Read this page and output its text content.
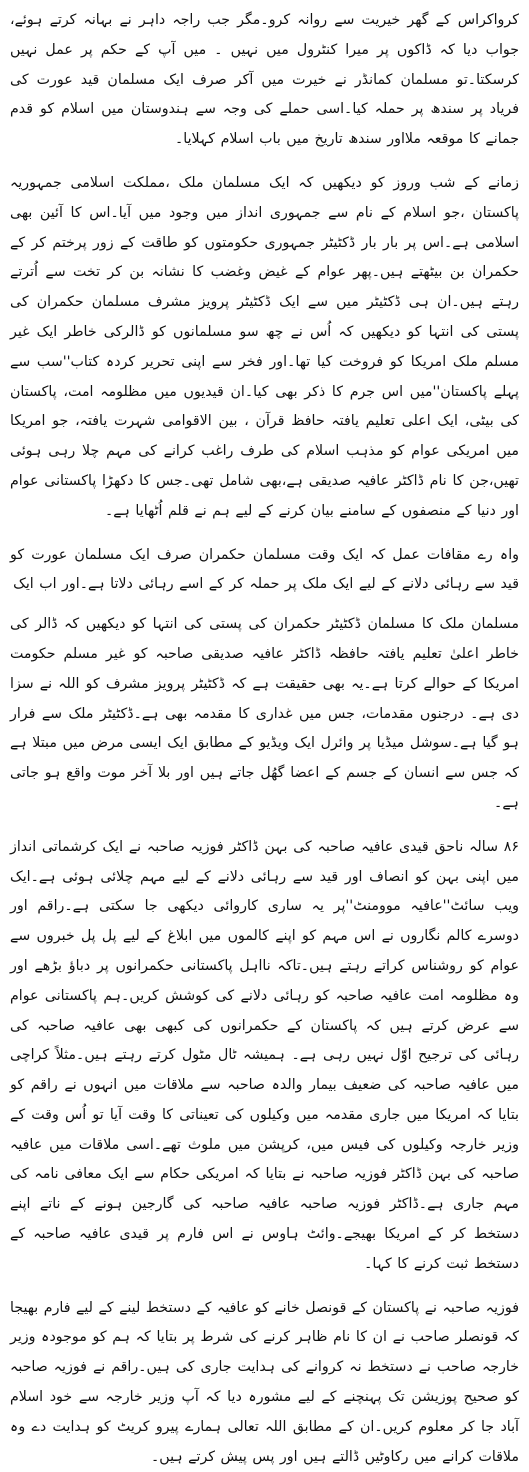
کرواکراس کے گھر خیریت سے روانہ کرو۔مگر جب راجہ داہر نے بہانہ کرتے ہوئے، جواب دیا کہ ڈاکوں پر میرا کنٹرول میں نہیں ۔ میں آپ کے حکم پر عمل نہیں کرسکتا۔تو مسلمان کمانڈر نے خیرت میں آکر صرف ایک مسلمان قید عورت کی فریاد پر سندھ پر حملہ کیا۔اسی حملے کی وجہ سے ہندوستان میں اسلام کو قدم جمانے کا موقعہ ملااور سندھ تاریخ میں باب اسلام کہلایا۔

زمانے کے شب وروز کو دیکھیں کہ ایک مسلمان ملک ،مملکت اسلامی جمہوریہ پاکستان ،جو اسلام کے نام سے جمہوری انداز میں وجود میں آیا۔اس کا آئین بھی اسلامی ہے۔اس پر بار بار ڈکٹیٹر جمہوری حکومتوں کو طاقت کے زور پرختم کر کے حکمران بن بیٹھتے ہیں۔پھر عوام کے غیض وغضب کا نشانہ بن کر تخت سے اُترتے رہتے ہیں۔ان ہی ڈکٹیٹر میں سے ایک ڈکٹیٹر پرویز مشرف مسلمان حکمران کی پستی کی انتہا کو دیکھیں کہ اُس نے چھ سو مسلمانوں کو ڈالرکی خاطر ایک غیر مسلم ملک امریکا کو فروخت کیا تھا۔اور فخر سے اپنی تحریر کردہ کتاب''سب سے پہلے پاکستان''میں اس جرم کا ذکر بھی کیا۔ان قیدیوں میں مظلومہ امت، پاکستان کی بیٹی، ایک اعلی تعلیم یافتہ حافظ قرآن ، بین الاقوامی شہرت یافتہ، جو امریکا میں امریکی عوام کو مذہب اسلام کی طرف راغب کرانے کی مہم چلا رہی ہوئی تھیں،جن کا نام ڈاکٹر عافیہ صدیقی ہے،بھی شامل تھی۔جس کا دکھڑا پاکستانی عوام اور دنیا کے منصفوں کے سامنے بیان کرنے کے لیے ہم نے قلم اُٹھایا ہے۔

واہ رے مقافات عمل کہ ایک وقت مسلمان حکمران صرف ایک مسلمان عورت کو قید سے رہائی دلانے کے لیے ایک ملک پر حملہ کر کے اسے رہائی دلاتا ہے۔اور اب ایک

مسلمان ملک کا مسلمان ڈکٹیٹر حکمران کی پستی کی انتہا کو دیکھیں کہ ڈالر کی خاطر اعلیٰ تعلیم یافتہ حافظہ ڈاکٹر عافیہ صدیقی صاحبہ کو غیر مسلم حکومت امریکا کے حوالے کرتا ہے۔یہ بھی حقیقت ہے کہ ڈکٹیٹر پرویز مشرف کو اللہ نے سزا دی ہے۔ درجنوں مقدمات، جس میں غداری کا مقدمہ بھی ہے۔ڈکٹیٹر ملک سے فرار ہو گیا ہے۔سوشل میڈیا پر وائرل ایک ویڈیو کے مطابق ایک ایسی مرض میں مبتلا ہے کہ جس سے انسان کے جسم کے اعضا گھُل جاتے ہیں اور بلا آخر موت واقع ہو جاتی ہے۔

۸۶ سالہ ناحق قیدی عافیہ صاحبہ کی بہن ڈاکٹر فوزیہ صاحبہ نے ایک کرشماتی انداز میں اپنی بہن کو انصاف اور قید سے رہائی دلانے کے لیے مہم چلائی ہوئی ہے۔ایک ویب سائٹ''عافیہ موومنٹ''پر یہ ساری کاروائی دیکھی جا سکتی ہے۔راقم اور دوسرے کالم نگاروں نے اس مہم کو اپنے کالموں میں ابلاغ کے لیے پل پل خبروں سے عوام کو روشناس کراتے رہتے ہیں۔تاکہ نااہل پاکستانی حکمرانوں پر دباؤ بڑھے اور وہ مظلومہ امت عافیہ صاحبہ کو رہائی دلانے کی کوشش کریں۔ہم پاکستانی عوام سے عرض کرتے ہیں کہ پاکستان کے حکمرانوں کی کبھی بھی عافیہ صاحبہ کی رہائی کی ترجیح اوّل نہیں رہی ہے۔ ہمیشہ ٹال مٹول کرتے رہتے ہیں۔مثلاً کراچی میں عافیہ صاحبہ کی ضعیف بیمار والدہ صاحبہ سے ملاقات میں انہوں نے راقم کو بتایا کہ امریکا میں جاری مقدمہ میں وکیلوں کی تعیناتی کا وقت آیا تو اُس وقت کے وزیر خارجہ وکیلوں کی فیس میں، کرپشن میں ملوث تھے۔اسی ملاقات میں عافیہ صاحبہ کی بہن ڈاکٹر فوزیہ صاحبہ نے بتایا کہ امریکی حکام سے ایک معافی نامہ کی مہم جاری ہے۔ڈاکٹر فوزیہ صاحبہ عافیہ صاحبہ کی گارجین ہونے کے ناتے اپنے دستخط کر کے امریکا بھیجے۔وائٹ ہاوس نے اس فارم پر قیدی عافیہ صاحبہ کے دستخط ثبت کرنے کا کہا۔

فوزیہ صاحبہ نے پاکستان کے قونصل خانے کو عافیہ کے دستخط لینے کے لیے فارم بھیجا کہ قونصلر صاحب نے ان کا نام ظاہر کرنے کی شرط پر بتایا کہ ہم کو موجودہ وزیر خارجہ صاحب نے دستخط نہ کروانے کی ہدایت جاری کی ہیں۔راقم نے فوزیہ صاحبہ کو صحیح پوزیشن تک پہنچنے کے لیے مشورہ دیا کہ آپ وزیر خارجہ سے خود اسلام آباد جا کر معلوم کریں۔ان کے مطابق اللہ تعالی ہمارے پیرو کریٹ کو ہدایت دے وہ ملاقات کرانے میں رکاوٹیں ڈالتے ہیں اور پس پیش کرتے ہیں۔
